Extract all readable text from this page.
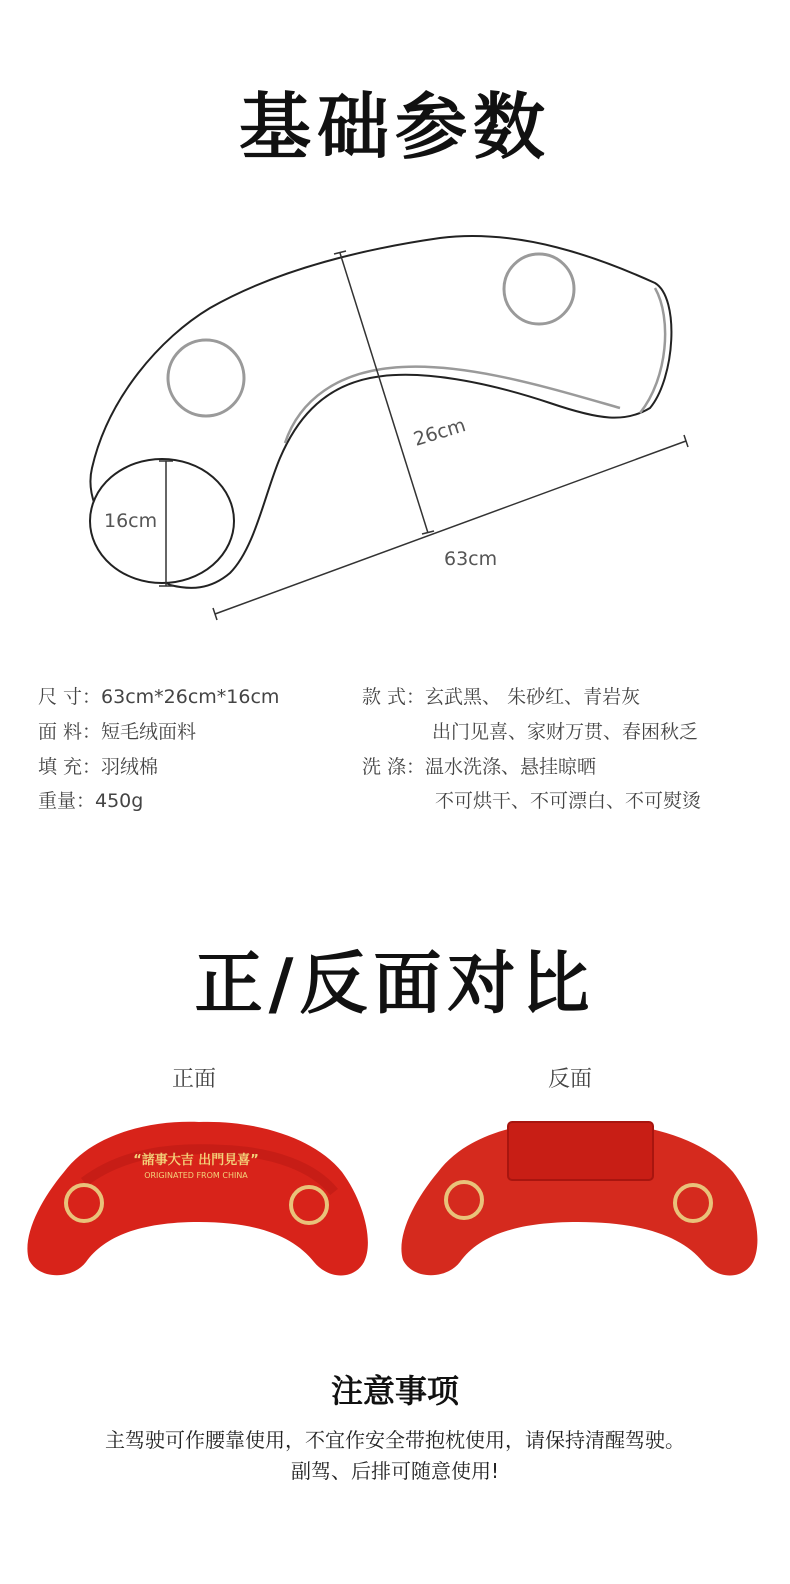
基础参数
16cm
26cm
63cm
尺 寸：63cm*26cm*16cm
面 料：短毛绒面料
填 充：羽绒棉
重量：450g
款 式：玄武黑、 朱砂红、青岩灰
出门见喜、家财万贯、春困秋乏
洗 涤：温水洗涤、悬挂晾晒
不可烘干、不可漂白、不可熨烫
正/反面对比
正面	反面
“諸事大吉 出門見喜”
ORIGINATED FROM CHINA
注意事项
主驾驶可作腰靠使用，不宜作安全带抱枕使用，请保持清醒驾驶。
副驾、后排可随意使用!
